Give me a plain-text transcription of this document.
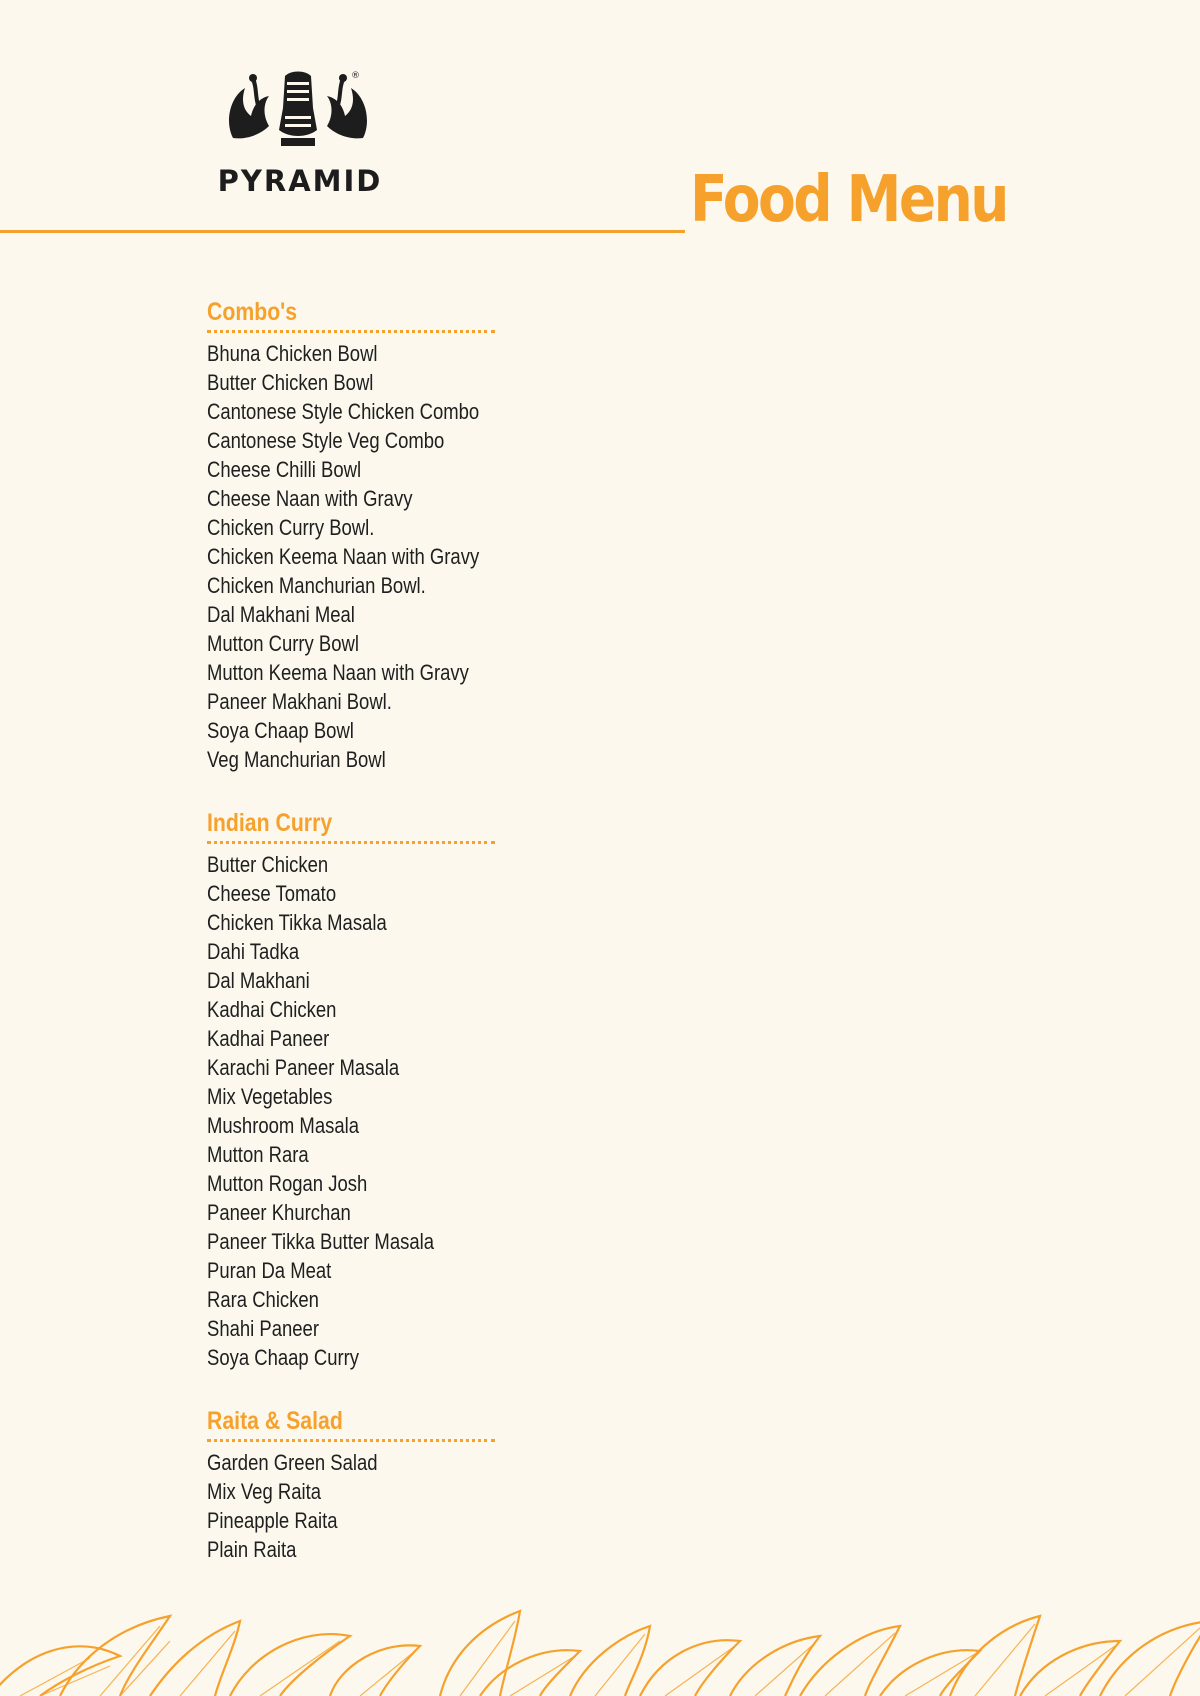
®
PYRAMID	Food Menu
Combo's
Bhuna Chicken Bowl
Butter Chicken Bowl
Cantonese Style Chicken Combo
Cantonese Style Veg Combo
Cheese Chilli Bowl
Cheese Naan with Gravy
Chicken Curry Bowl.
Chicken Keema Naan with Gravy
Chicken Manchurian Bowl.
Dal Makhani Meal
Mutton Curry Bowl
Mutton Keema Naan with Gravy
Paneer Makhani Bowl.
Soya Chaap Bowl
Veg Manchurian Bowl
Indian Curry
Butter Chicken
Cheese Tomato
Chicken Tikka Masala
Dahi Tadka
Dal Makhani
Kadhai Chicken
Kadhai Paneer
Karachi Paneer Masala
Mix Vegetables
Mushroom Masala
Mutton Rara
Mutton Rogan Josh
Paneer Khurchan
Paneer Tikka Butter Masala
Puran Da Meat
Rara Chicken
Shahi Paneer
Soya Chaap Curry
Raita & Salad
Garden Green Salad
Mix Veg Raita
Pineapple Raita
Plain Raita
